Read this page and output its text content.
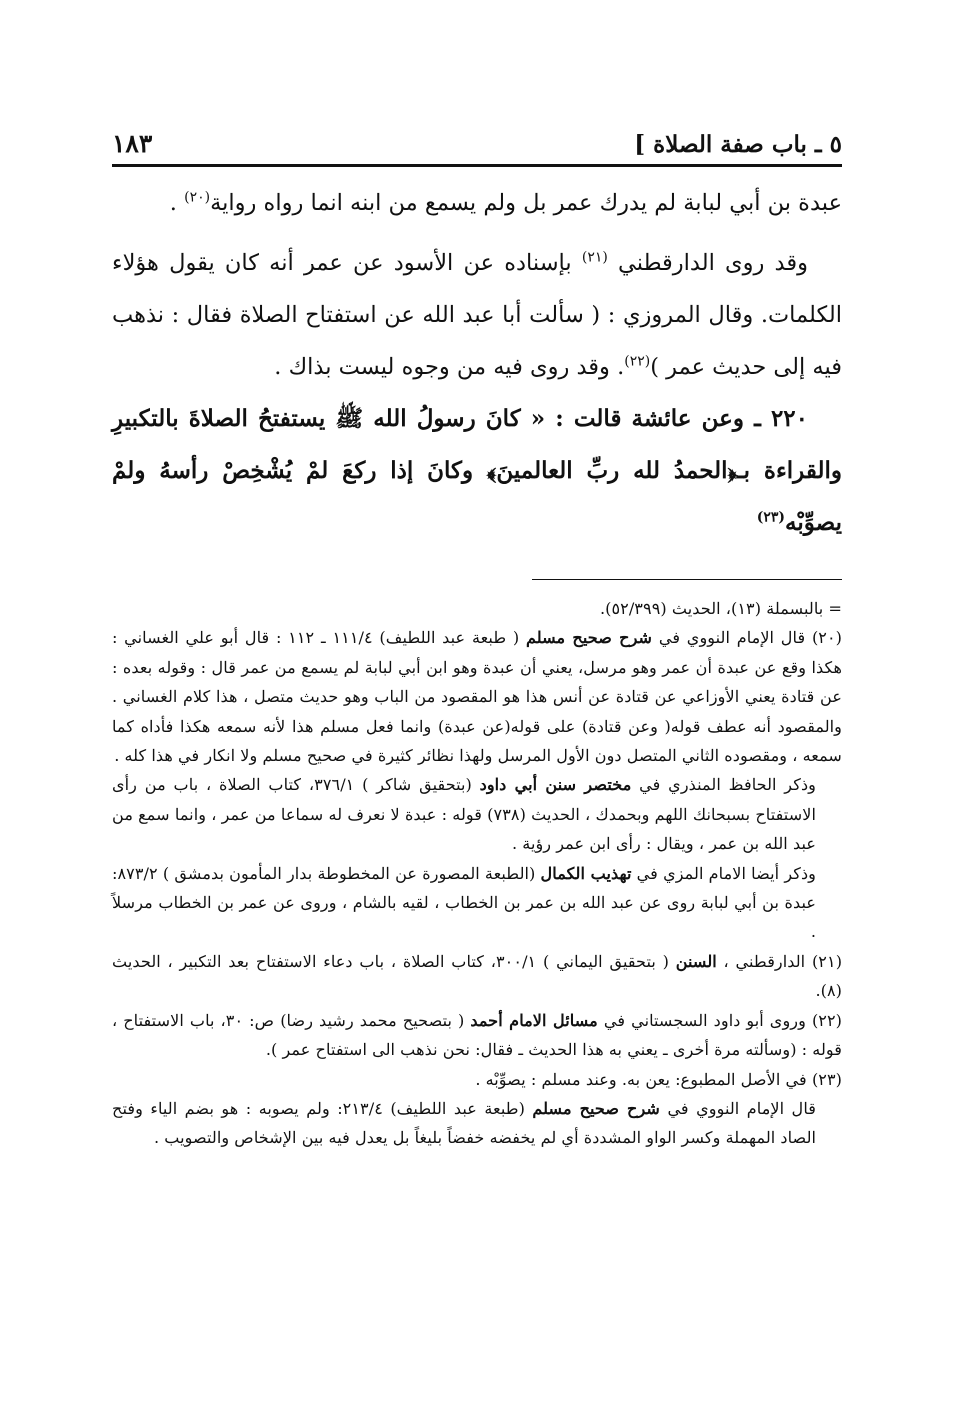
٥ ـ باب صفة الصلاة ]
١٨٣

عبدة بن أبي لبابة لم يدرك عمر بل ولم يسمع من ابنه انما رواه رواية$^{(٢٠)}$ .

وقد روى الدارقطني $^{(٢١)}$ بإسناده عن الأسود عن عمر أنه كان يقول هؤلاء الكلمات. وقال المروزي : ( سألت أبا عبد الله عن استفتاح الصلاة فقال : نذهب فيه إلى حديث عمر )$^{(٢٢)}$. وقد روى فيه من وجوه ليست بذاك .

٢٢٠ ـ وعن عائشة قالت : « كانَ رسولُ الله ﷺ يستفتحُ الصلاةَ بالتكبيرِ والقراءة بـ﴿الحمدُ لله ربِّ العالمينَ﴾ وكانَ إذا ركعَ لمْ يُشْخِصْ رأسهُ ولمْ يصوِّبْه$^{(٢٣)}$

= بالبسملة (١٣)، الحديث (٥٢/٣٩٩).

(٢٠) قال الإمام النووي في شرح صحيح مسلم ( طبعة عبد اللطيف) ١١١/٤ ـ ١١٢ : قال أبو علي الغساني : هكذا وقع عن عبدة أن عمر وهو مرسل، يعني أن عبدة وهو ابن أبي لبابة لم يسمع من عمر قال : وقوله بعده : عن قتادة يعني الأوزاعي عن قتادة عن أنس هذا هو المقصود من الباب وهو حديث متصل ، هذا كلام الغساني . والمقصود أنه عطف قوله( وعن قتادة) على قوله(عن عبدة) وانما فعل مسلم هذا لأنه سمعه هكذا فأداه كما سمعه ، ومقصوده الثاني المتصل دون الأول المرسل ولهذا نظائر كثيرة في صحيح مسلم ولا انكار في هذا كله .

وذكر الحافظ المنذري في مختصر سنن أبي داود (بتحقيق شاكر ) ٣٧٦/١، كتاب الصلاة ، باب من رأى الاستفتاح بسبحانك اللهم وبحمدك ، الحديث (٧٣٨) قوله : عبدة لا نعرف له سماعا من عمر ، وانما سمع من عبد الله بن عمر ، ويقال : رأى ابن عمر رؤية .

وذكر أيضا الامام المزي في تهذيب الكمال (الطبعة المصورة عن المخطوطة بدار المأمون بدمشق ) ٨٧٣/٢: عبدة بن أبي لبابة روى عن عبد الله بن عمر بن الخطاب ، لقيه بالشام ، وروى عن عمر بن الخطاب مرسلاً .

(٢١) الدارقطني ، السنن ( بتحقيق اليماني ) ٣٠٠/١، كتاب الصلاة ، باب دعاء الاستفتاح بعد التكبير ، الحديث (٨).

(٢٢) وروى أبو داود السجستاني في مسائل الامام أحمد ( بتصحيح محمد رشيد رضا) ص: ٣٠، باب الاستفتاح ، قوله : (وسألته مرة أخرى ـ يعني به هذا الحديث ـ فقال: نحن نذهب الى استفتاح عمر ).

(٢٣) في الأصل المطبوع: يعن به. وعند مسلم : يصوِّبْه .

قال الإمام النووي في شرح صحيح مسلم (طبعة عبد اللطيف) ٢١٣/٤: ولم يصوبه : هو بضم الياء وفتح الصاد المهملة وكسر الواو المشددة أي لم يخفضه خفضاً بليغاً بل يعدل فيه بين الإشخاص والتصويب .
